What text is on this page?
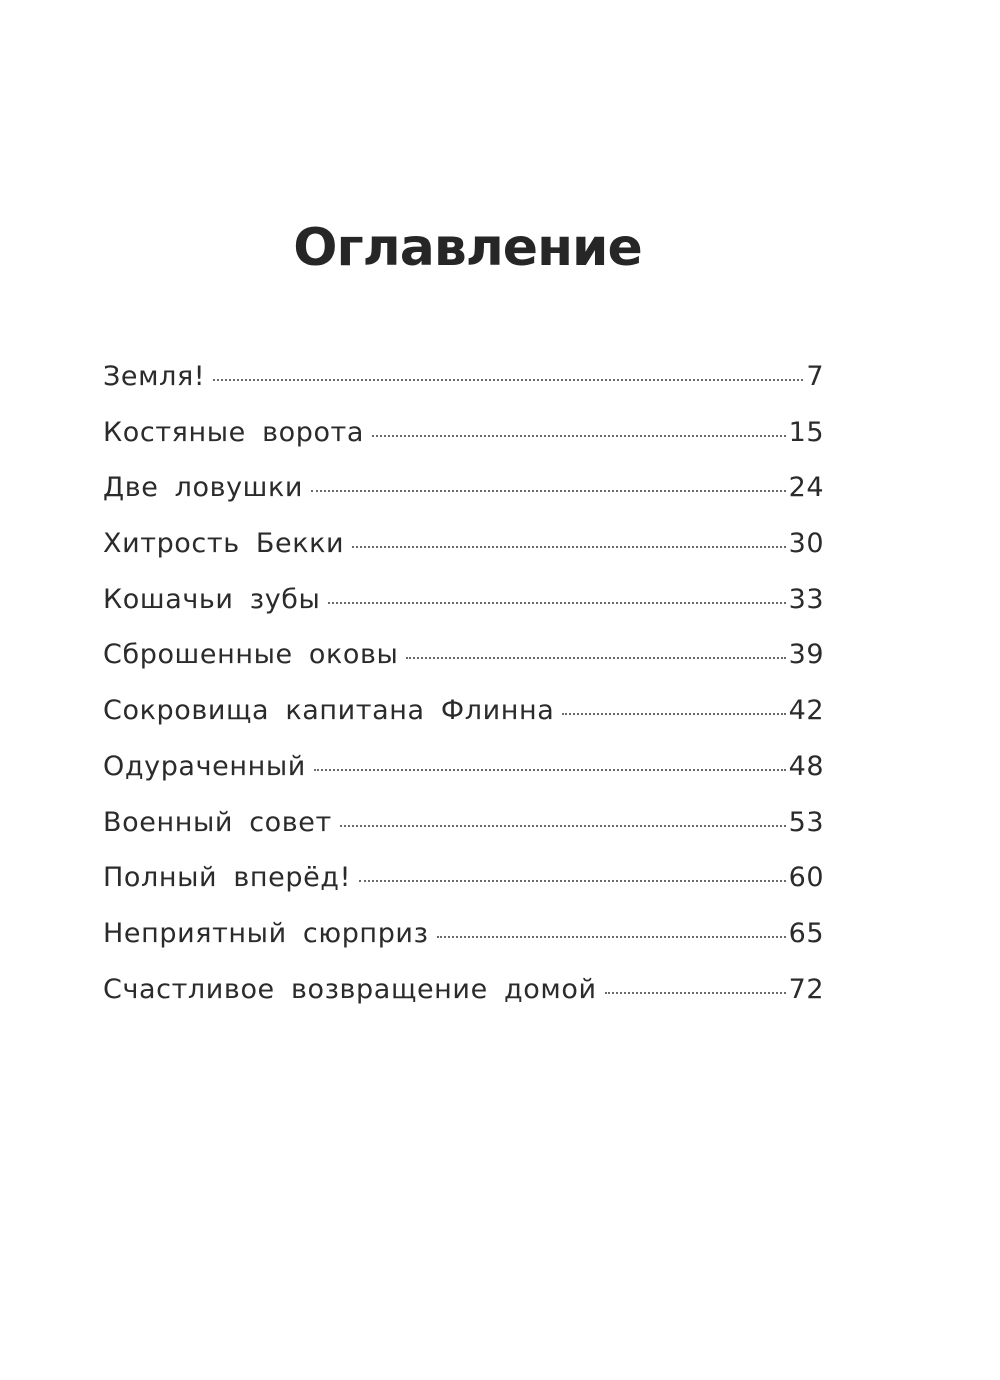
Оглавление
Земля!	7
Костяные ворота	15
Две ловушки	24
Хитрость Бекки	30
Кошачьи зубы	33
Сброшенные оковы	39
Сокровища капитана Флинна	42
Одураченный	48
Военный совет	53
Полный вперёд!	60
Неприятный сюрприз	65
Счастливое возвращение домой	72
